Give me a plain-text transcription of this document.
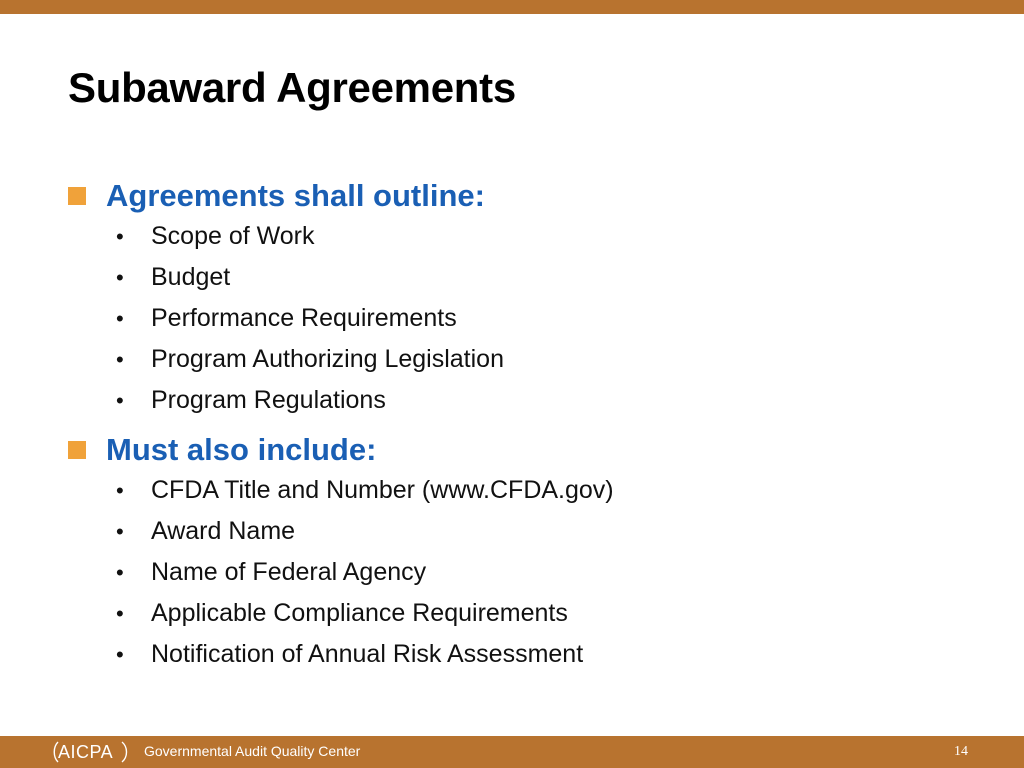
Subaward Agreements
Agreements shall outline:
• Scope of Work
• Budget
• Performance Requirements
• Program Authorizing Legislation
• Program Regulations
Must also include:
• CFDA Title and Number (www.CFDA.gov)
• Award Name
• Name of Federal Agency
• Applicable Compliance Requirements
• Notification of Annual Risk Assessment
AICPA Governmental Audit Quality Center	14
